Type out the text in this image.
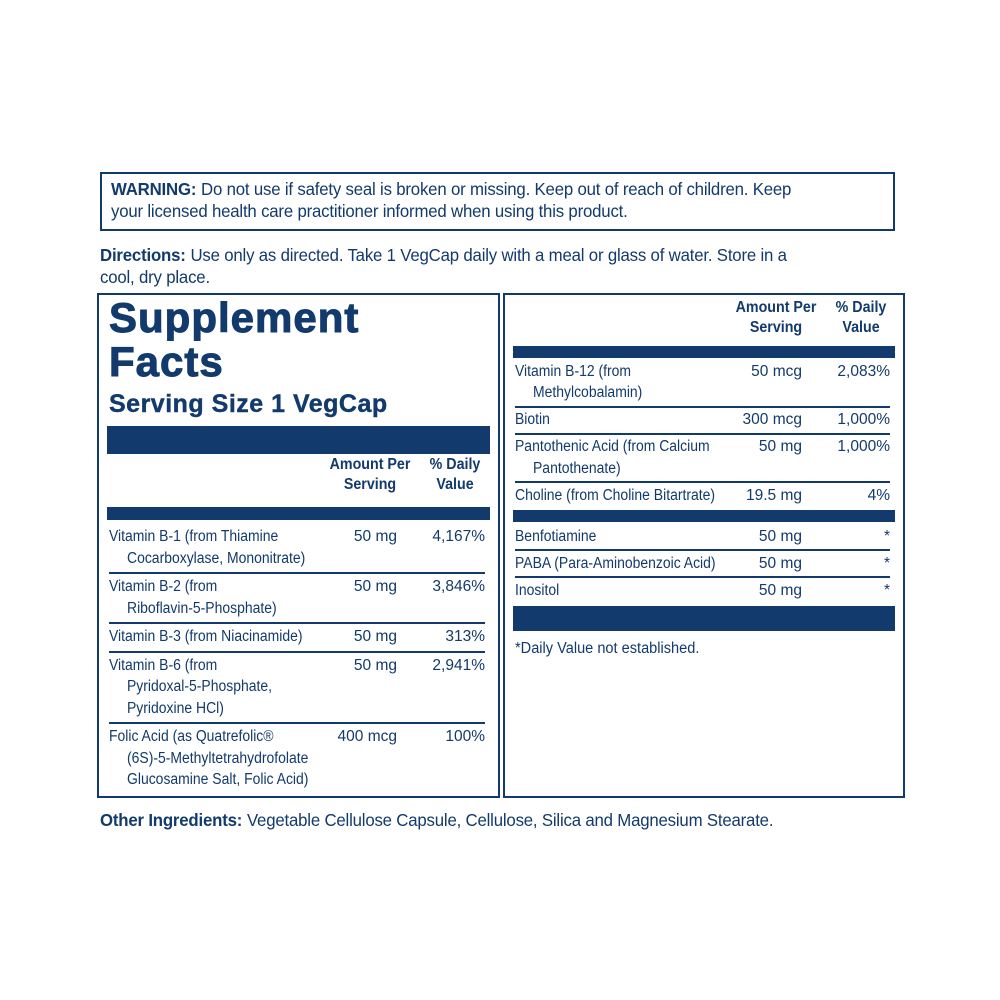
WARNING: Do not use if safety seal is broken or missing. Keep out of reach of children. Keep
your licensed health care practitioner informed when using this product.
Directions: Use only as directed. Take 1 VegCap daily with a meal or glass of water. Store in a
cool, dry place.
Supplement
Facts
Serving Size 1 VegCap
Amount Per Serving
% Daily Value
Vitamin B-1 (from Thiamine
Cocarboxylase, Mononitrate)
50 mg 4,167%
Vitamin B-2 (from
Riboflavin-5-Phosphate)
50 mg 3,846%
Vitamin B-3 (from Niacinamide)	50 mg	313%
Vitamin B-6 (from
Pyridoxal-5-Phosphate,
Pyridoxine HCl)
50 mg 2,941%
Folic Acid (as Quatrefolic®
(6S)-5-Methyltetrahydrofolate
Glucosamine Salt, Folic Acid)
400 mcg	100%
Amount Per Serving
% Daily Value
Vitamin B-12 (from
Methylcobalamin)
50 mcg 2,083%
Biotin	300 mcg 1,000%
Pantothenic Acid (from Calcium
Pantothenate)
50 mg 1,000%
Choline (from Choline Bitartrate)	19.5 mg	4%
Benfotiamine	50 mg	*
PABA (Para-Aminobenzoic Acid)	50 mg	*
Inositol	50 mg	*
*Daily Value not established.
Other Ingredients: Vegetable Cellulose Capsule, Cellulose, Silica and Magnesium Stearate.
